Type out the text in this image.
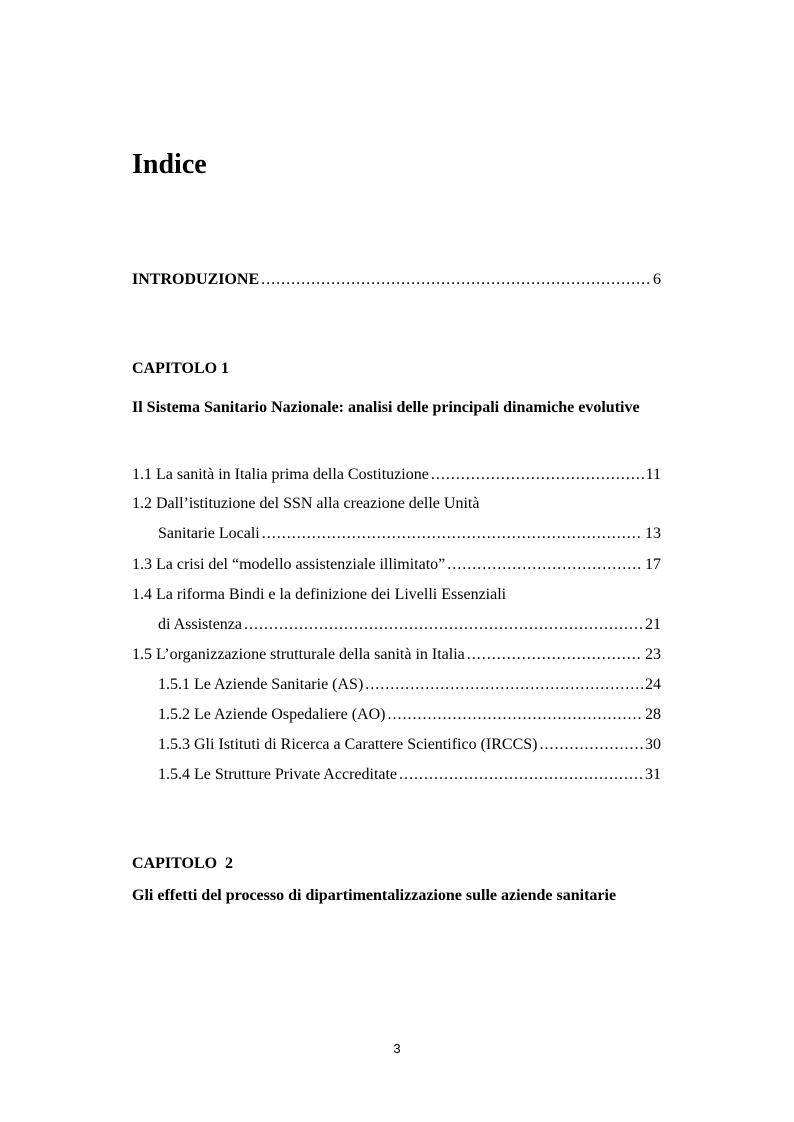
Indice
INTRODUZIONE .....	6
CAPITOLO 1
Il Sistema Sanitario Nazionale: analisi delle principali dinamiche evolutive
1.1 La sanità in Italia prima della Costituzione .....	11
1.2 Dall’istituzione del SSN alla creazione delle Unità
Sanitarie Locali .....	13
1.3 La crisi del “modello assistenziale illimitato” .....	17
1.4 La riforma Bindi e la definizione dei Livelli Essenziali
di Assistenza .....	21
1.5 L’organizzazione strutturale della sanità in Italia .....	23
1.5.1 Le Aziende Sanitarie (AS) .....	24
1.5.2 Le Aziende Ospedaliere (AO) .....	28
1.5.3 Gli Istituti di Ricerca a Carattere Scientifico (IRCCS) .....	30
1.5.4 Le Strutture Private Accreditate .....	31
CAPITOLO  2
Gli effetti del processo di dipartimentalizzazione sulle aziende sanitarie
3
